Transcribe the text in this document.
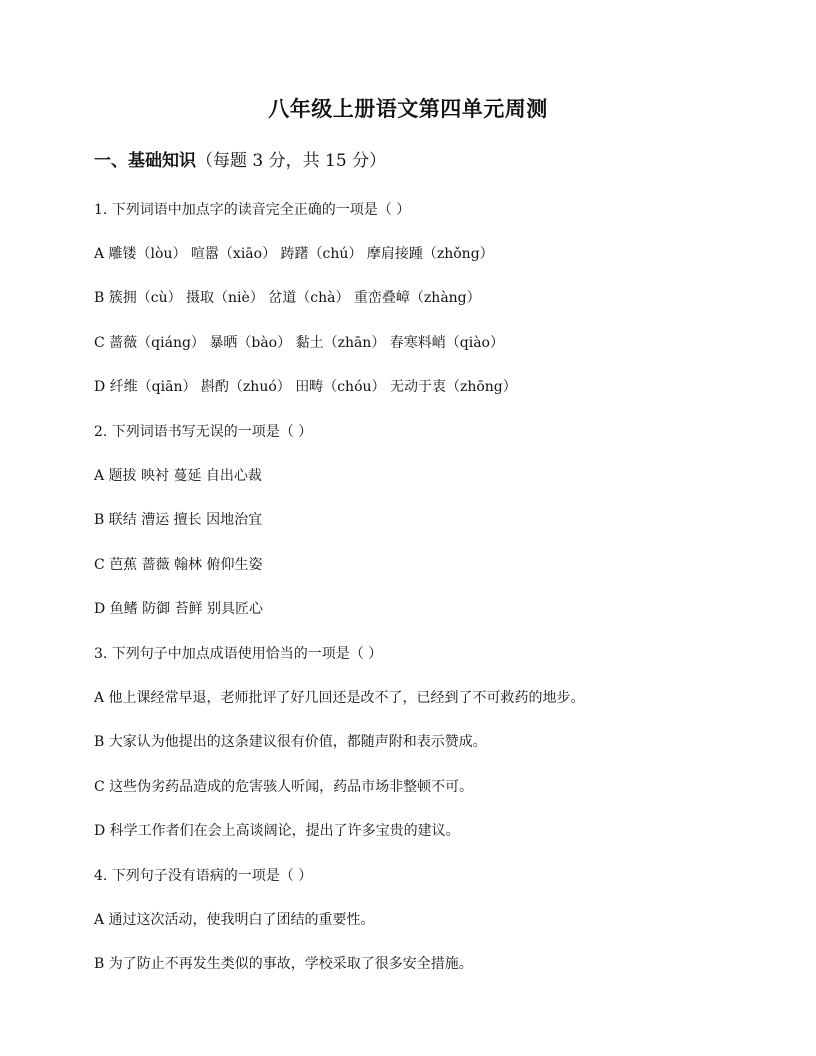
八年级上册语文第四单元周测
一、基础知识（每题 3 分，共 15 分）
1. 下列词语中加点字的读音完全正确的一项是（ ）
A 雕镂（lòu） 喧嚣（xiāo） 踌躇（chú） 摩肩接踵（zhǒng）
B 簇拥（cù） 摄取（niè） 岔道（chà） 重峦叠嶂（zhàng）
C 蔷薇（qiáng） 暴晒（bào） 黏土（zhān） 春寒料峭（qiào）
D 纤维（qiān） 斟酌（zhuó） 田畴（chóu） 无动于衷（zhōng）
2. 下列词语书写无误的一项是（ ）
A 题拔 映衬 蔓延 自出心裁
B 联结 漕运 擅长 因地治宜
C 芭蕉 蔷薇 翰林 俯仰生姿
D 鱼鳍 防御 苔鲜 别具匠心
3. 下列句子中加点成语使用恰当的一项是（ ）
A 他上课经常早退，老师批评了好几回还是改不了，已经到了不可救药的地步。
B 大家认为他提出的这条建议很有价值，都随声附和表示赞成。
C 这些伪劣药品造成的危害骇人听闻，药品市场非整顿不可。
D 科学工作者们在会上高谈阔论，提出了许多宝贵的建议。
4. 下列句子没有语病的一项是（ ）
A 通过这次活动，使我明白了团结的重要性。
B 为了防止不再发生类似的事故，学校采取了很多安全措施。
